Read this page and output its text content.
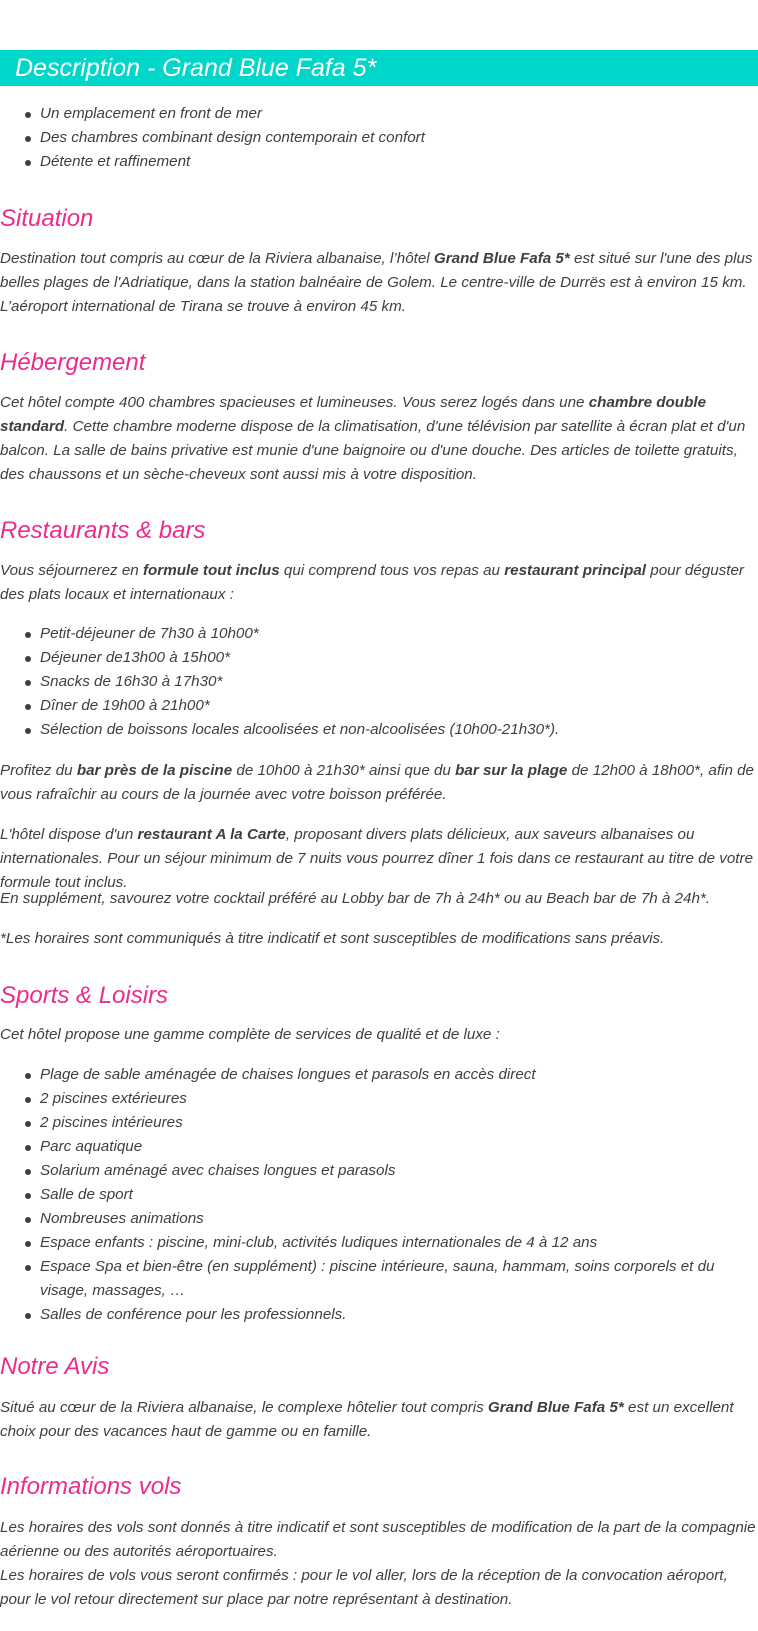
Description - Grand Blue Fafa 5*
Un emplacement en front de mer
Des chambres combinant design contemporain et confort
Détente et raffinement
Situation

Destination tout compris au cœur de la Riviera albanaise, l’hôtel Grand Blue Fafa 5* est situé sur l'une des plus belles plages de l'Adriatique, dans la station balnéaire de Golem. Le centre-ville de Durrës est à environ 15 km. L’aéroport international de Tirana se trouve à environ 45 km.

Hébergement

Cet hôtel compte 400 chambres spacieuses et lumineuses. Vous serez logés dans une chambre double standard. Cette chambre moderne dispose de la climatisation, d'une télévision par satellite à écran plat et d'un balcon. La salle de bains privative est munie d'une baignoire ou d'une douche. Des articles de toilette gratuits, des chaussons et un sèche-cheveux sont aussi mis à votre disposition.

Restaurants & bars

Vous séjournerez en formule tout inclus qui comprend tous vos repas au restaurant principal pour déguster des plats locaux et internationaux :

Petit-déjeuner de 7h30 à 10h00*
Déjeuner de13h00 à 15h00*
Snacks de 16h30 à 17h30*
Dîner de 19h00 à 21h00*
Sélection de boissons locales alcoolisées et non-alcoolisées (10h00-21h30*).

Profitez du bar près de la piscine de 10h00 à 21h30* ainsi que du bar sur la plage de 12h00 à 18h00*, afin de vous rafraîchir au cours de la journée avec votre boisson préférée.

L'hôtel dispose d'un restaurant A la Carte, proposant divers plats délicieux, aux saveurs albanaises ou internationales. Pour un séjour minimum de 7 nuits vous pourrez dîner 1 fois dans ce restaurant au titre de votre formule tout inclus.

En supplément, savourez votre cocktail préféré au Lobby bar de 7h à 24h* ou au Beach bar de 7h à 24h*.

*Les horaires sont communiqués à titre indicatif et sont susceptibles de modifications sans préavis.

Sports & Loisirs

Cet hôtel propose une gamme complète de services de qualité et de luxe :

Plage de sable aménagée de chaises longues et parasols en accès direct
2 piscines extérieures
2 piscines intérieures
Parc aquatique
Solarium aménagé avec chaises longues et parasols
Salle de sport
Nombreuses animations
Espace enfants : piscine, mini-club, activités ludiques internationales de 4 à 12 ans
Espace Spa et bien-être (en supplément) : piscine intérieure, sauna, hammam, soins corporels et du visage, massages, …
Salles de conférence pour les professionnels.
Notre Avis

Situé au cœur de la Riviera albanaise, le complexe hôtelier tout compris Grand Blue Fafa 5* est un excellent choix pour des vacances haut de gamme ou en famille.

Informations vols

Les horaires des vols sont donnés à titre indicatif et sont susceptibles de modification de la part de la compagnie aérienne ou des autorités aéroportuaires.

Les horaires de vols vous seront confirmés : pour le vol aller, lors de la réception de la convocation aéroport, pour le vol retour directement sur place par notre représentant à destination.
